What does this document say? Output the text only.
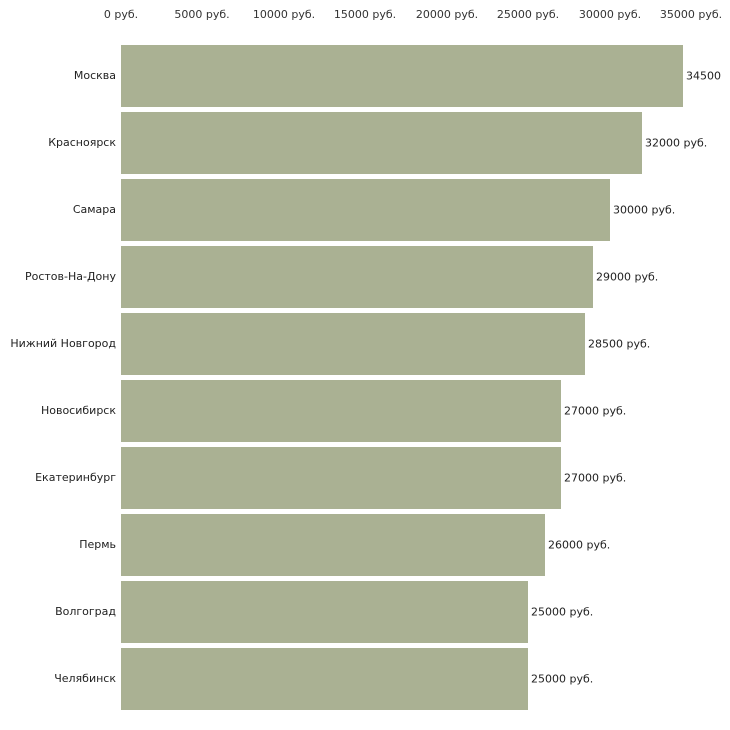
0 руб.	5000 руб. 10000 руб. 15000 руб. 20000 руб. 25000 руб. 30000 руб. 35000 руб.
34500
32000 руб.
30000 руб.
29000 руб.
28500 руб.
27000 руб.
27000 руб.
26000 руб.
25000 руб.
25000 руб.
Москва
Красноярск
Самара
Ростов-На-Дону
Нижний Новгород
Новосибирск
Екатеринбург
Пермь
Волгоград
Челябинск
